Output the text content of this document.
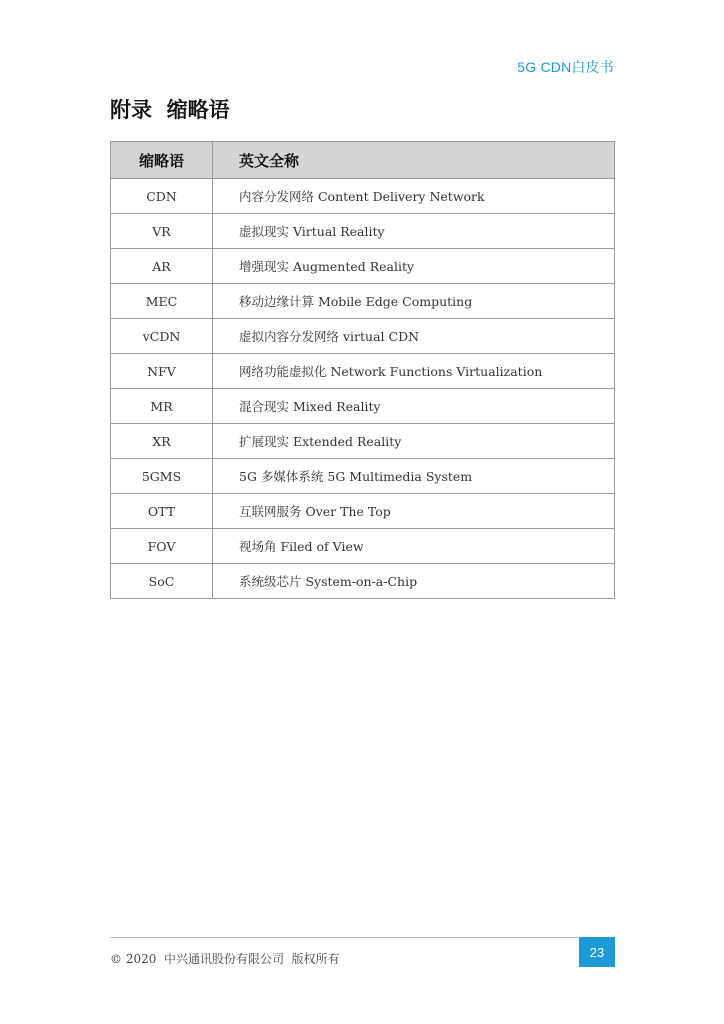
5G CDN白皮书
附录  缩略语
缩略语	英文全称
CDN	内容分发网络 Content Delivery Network
VR	虚拟现实 Virtual Reality
AR	增强现实 Augmented Reality
MEC	移动边缘计算 Mobile Edge Computing
vCDN	虚拟内容分发网络 virtual CDN
NFV	网络功能虚拟化 Network Functions Virtualization
MR	混合现实 Mixed Reality
XR	扩展现实 Extended Reality
5GMS	5G 多媒体系统 5G Multimedia System
OTT	互联网服务 Over The Top
FOV	视场角 Filed of View
SoC	系统级芯片 System-on-a-Chip
© 2020  中兴通讯股份有限公司  版权所有	23
